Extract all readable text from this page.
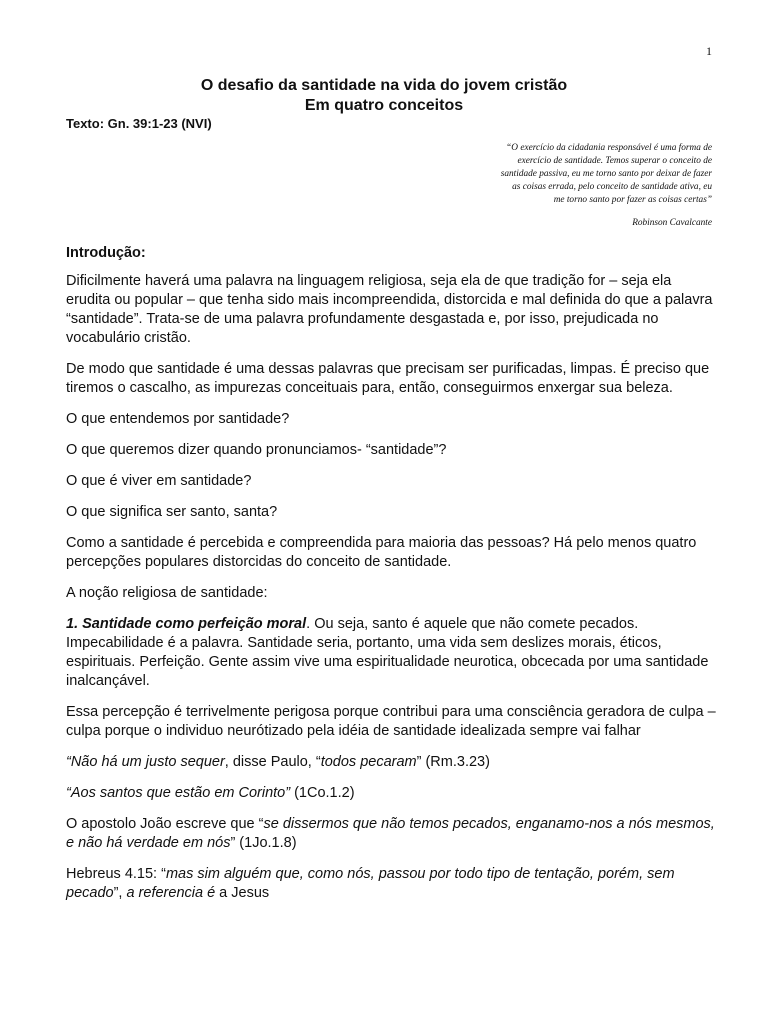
1
O desafio da santidade na vida do jovem cristão
Em quatro conceitos
Texto: Gn. 39:1-23 (NVI)
“O exercício da cidadania responsável é uma forma de
exercício de santidade. Temos superar o conceito de
santidade passiva, eu me torno santo por deixar de fazer
as coisas errada, pelo conceito de santidade ativa, eu
me torno santo por fazer as coisas certas”
Robinson Cavalcante

Introdução:

Dificilmente haverá uma palavra na linguagem religiosa, seja ela de que tradição for – seja ela erudita ou popular – que tenha sido mais incompreendida, distorcida e mal definida do que a palavra “santidade”. Trata-se de uma palavra profundamente desgastada e, por isso, prejudicada no vocabulário cristão.

De modo que santidade é uma dessas palavras que precisam ser purificadas, limpas. É preciso que tiremos o cascalho, as impurezas conceituais para, então, conseguirmos enxergar sua beleza.

O que entendemos por santidade?

O que queremos dizer quando pronunciamos- “santidade”?

O que é viver em santidade?

O que significa ser santo, santa?

Como a santidade é percebida e compreendida para maioria das pessoas? Há pelo menos quatro percepções populares distorcidas do conceito de santidade.

A noção religiosa de santidade:

1. Santidade como perfeição moral. Ou seja, santo é aquele que não comete pecados. Impecabilidade é a palavra. Santidade seria, portanto, uma vida sem deslizes morais, éticos, espirituais. Perfeição. Gente assim vive uma espiritualidade neurotica, obcecada por uma santidade inalcançável.

Essa percepção é terrivelmente perigosa porque contribui para uma consciência geradora de culpa – culpa porque o individuo neurótizado pela idéia de santidade idealizada sempre vai falhar

“Não há um justo sequer, disse Paulo, “todos pecaram” (Rm.3.23)

“Aos santos que estão em Corinto” (1Co.1.2)

O apostolo João escreve que “se dissermos que não temos pecados, enganamo-nos a nós mesmos, e não há verdade em nós” (1Jo.1.8)

Hebreus 4.15: “mas sim alguém que, como nós, passou por todo tipo de tentação, porém, sem pecado”, a referencia é a Jesus
